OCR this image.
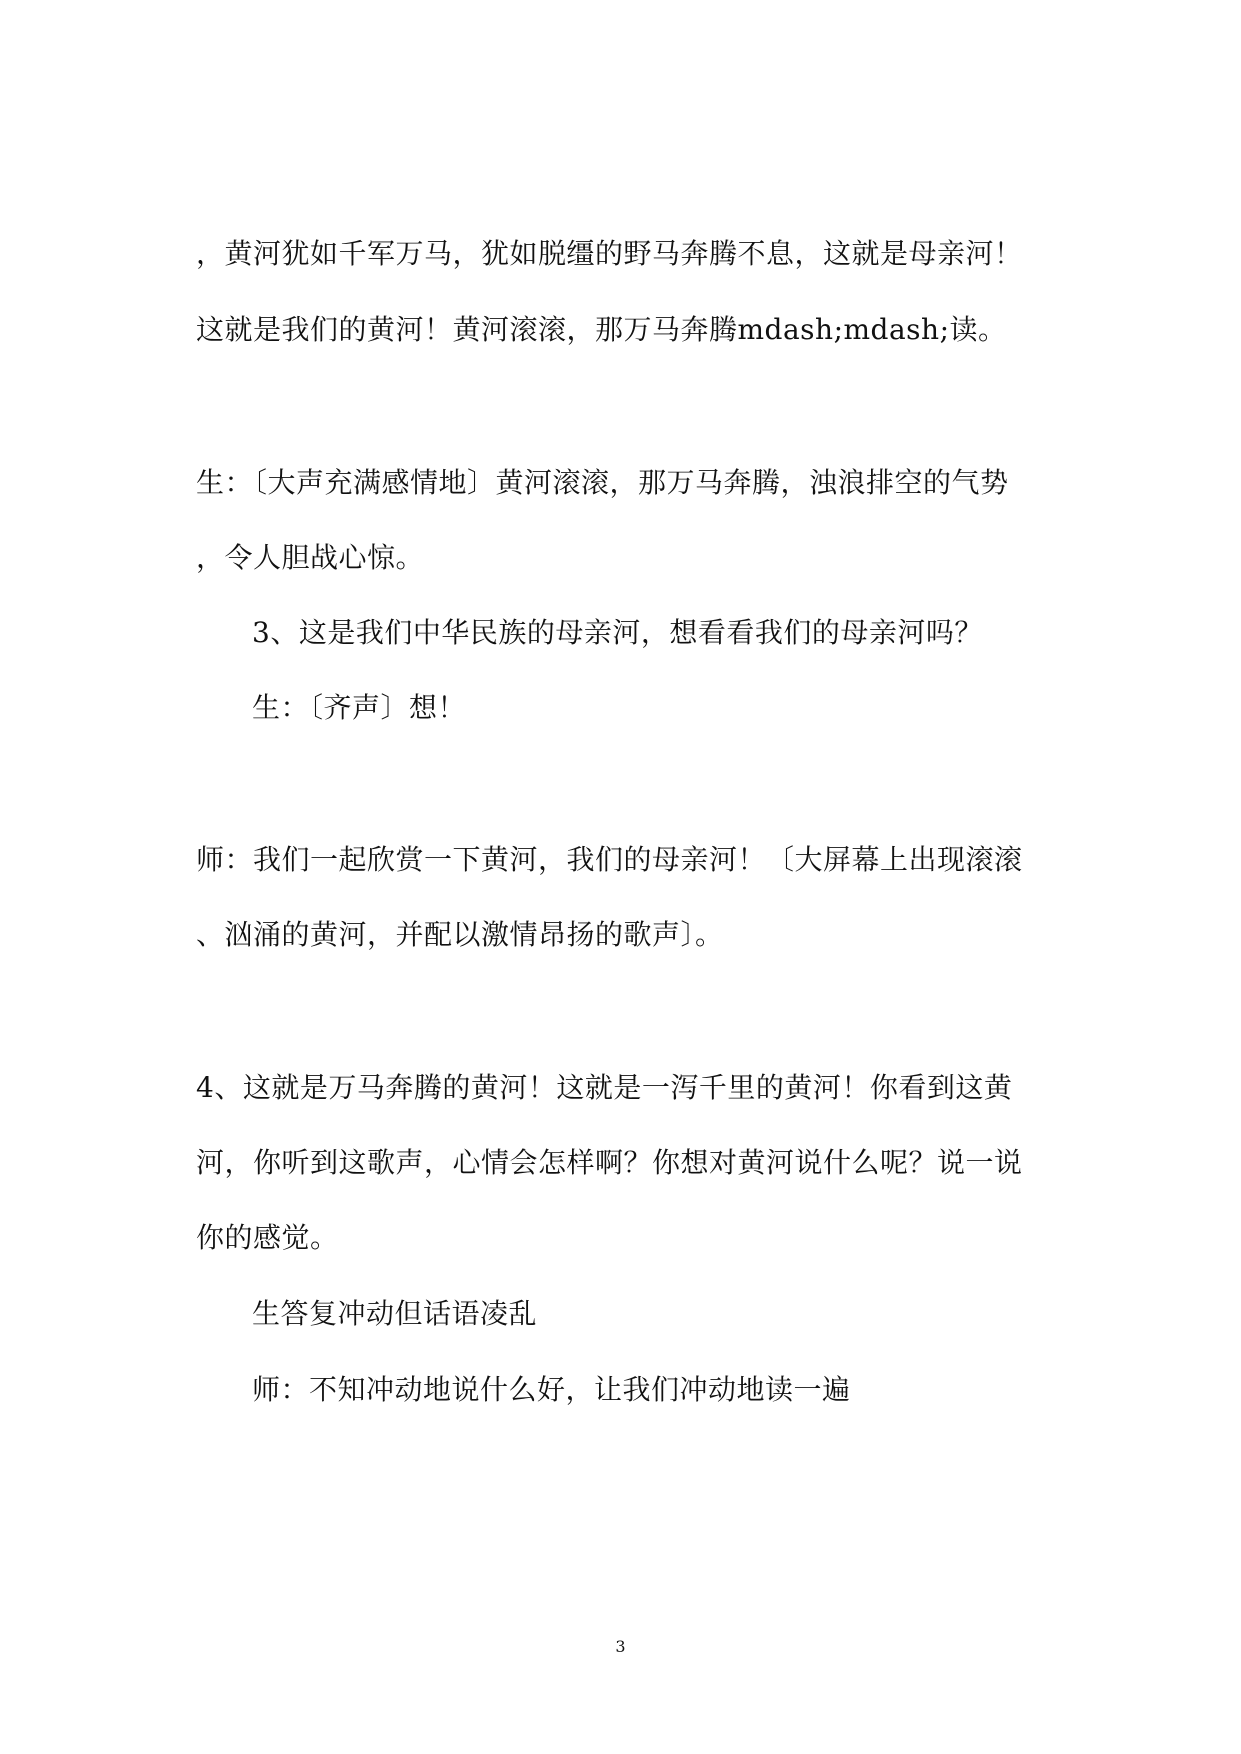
，黄河犹如千军万马，犹如脱缰的野马奔腾不息，这就是母亲河！
这就是我们的黄河！黄河滚滚，那万马奔腾mdash;mdash;读。
生：〔大声充满感情地〕黄河滚滚，那万马奔腾，浊浪排空的气势
，令人胆战心惊。
3、这是我们中华民族的母亲河，想看看我们的母亲河吗？
生：〔齐声〕想！
师：我们一起欣赏一下黄河，我们的母亲河！〔大屏幕上出现滚滚
、汹涌的黄河，并配以激情昂扬的歌声〕。
4、这就是万马奔腾的黄河！这就是一泻千里的黄河！你看到这黄
河，你听到这歌声，心情会怎样啊？你想对黄河说什么呢？说一说
你的感觉。
生答复冲动但话语凌乱
师：不知冲动地说什么好，让我们冲动地读一遍
3
